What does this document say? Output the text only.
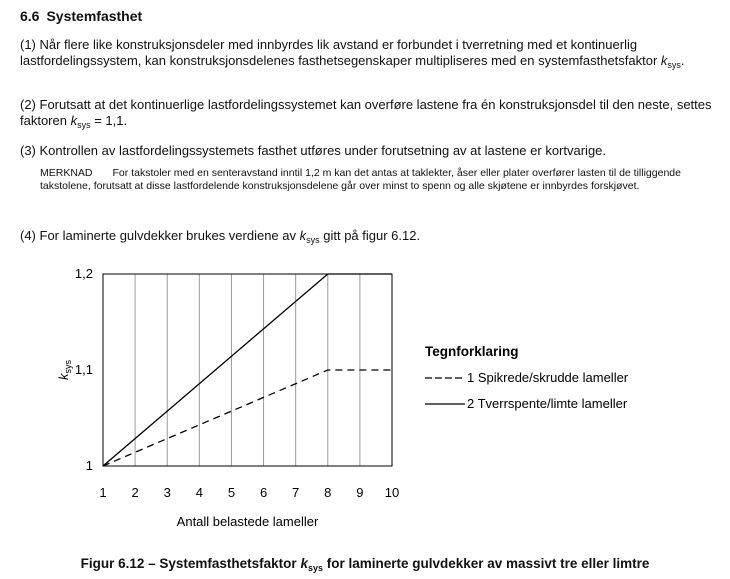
6.6 Systemfasthet
(1) Når flere like konstruksjonsdeler med innbyrdes lik avstand er forbundet i tverretning med et kontinuerlig lastfordelingssystem, kan konstruksjonsdelenes fasthetsegenskaper multipliseres med en systemfasthetsfaktor $k_{sys}$.
(2) Forutsatt at det kontinuerlige lastfordelingssystemet kan overføre lastene fra én konstruksjonsdel til den neste, settes faktoren $k_{sys} = 1,1$.
(3) Kontrollen av lastfordelingssystemets fasthet utføres under forutsetning av at lastene er kortvarige.
MERKNAD For takstoler med en senteravstand inntil 1,2 m kan det antas at taklekter, åser eller plater overfører lasten til de tilliggende takstolene, forutsatt at disse lastfordelende konstruksjonsdelene går over minst to spenn og alle skjøtene er innbyrdes forskjøvet.
(4) For laminerte gulvdekker brukes verdiene av $k_{sys}$ gitt på figur 6.12.
1 2 3 4 5 6 7 8 9 10
1
1,1
1,2
Antall belastede lameller
$k_{sys}$
Tegnforklaring
1 Spikrede/skrudde lameller
2 Tverrspente/limte lameller
Figur 6.12 – Systemfasthetsfaktor $k_{sys}$ for laminerte gulvdekker av massivt tre eller limtre
